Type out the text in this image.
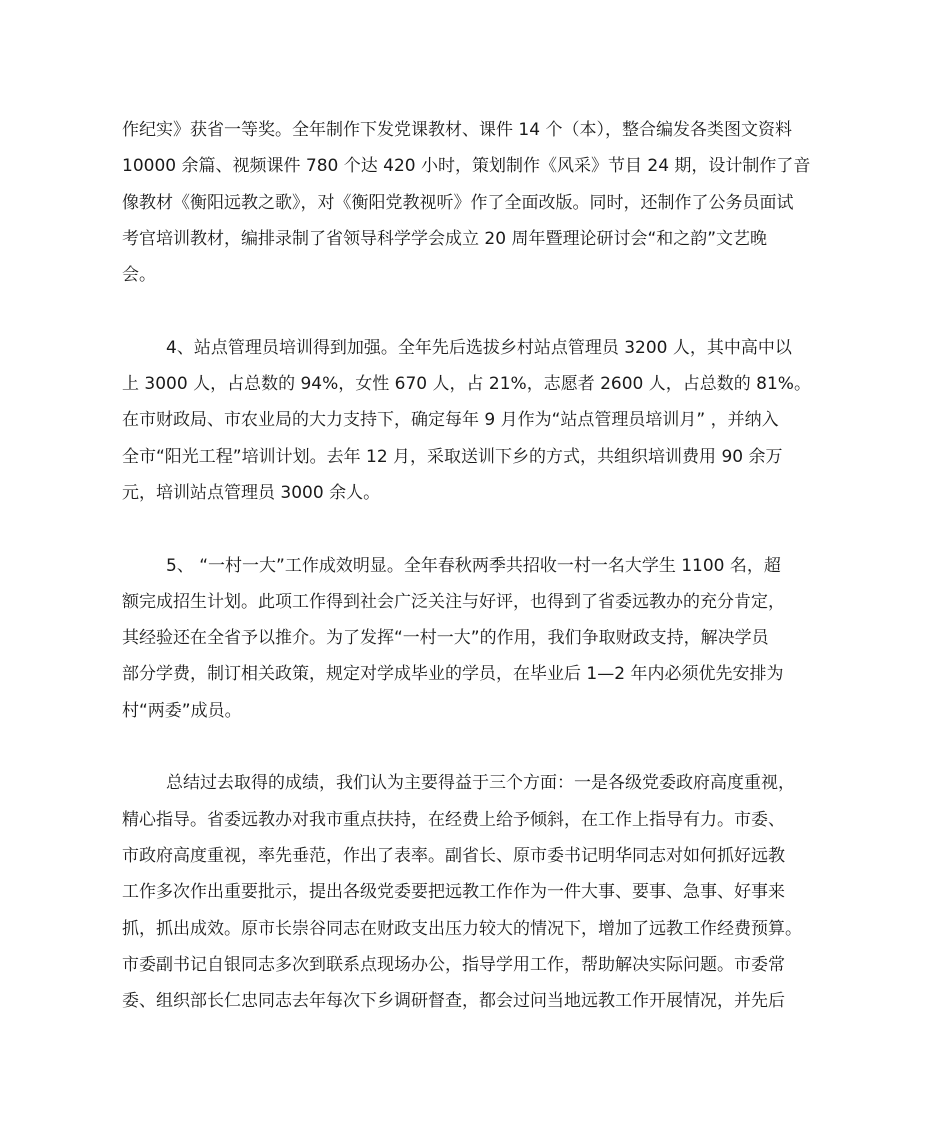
作纪实》获省一等奖。全年制作下发党课教材、课件 14 个（本），整合编发各类图文资料
10000 余篇、视频课件 780 个达 420 小时，策划制作《风采》节目 24 期，设计制作了音
像教材《衡阳远教之歌》，对《衡阳党教视听》作了全面改版。同时，还制作了公务员面试
考官培训教材，编排录制了省领导科学学会成立 20 周年暨理论研讨会“和之韵”文艺晚
会。
4、站点管理员培训得到加强。全年先后选拔乡村站点管理员 3200 人，其中高中以
上 3000 人，占总数的 94%，女性 670 人，占 21%，志愿者 2600 人，占总数的 81%。
在市财政局、市农业局的大力支持下，确定每年 9 月作为“站点管理员培训月” ，并纳入
全市“阳光工程”培训计划。去年 12 月，采取送训下乡的方式，共组织培训费用 90 余万
元，培训站点管理员 3000 余人。
5、 “一村一大”工作成效明显。全年春秋两季共招收一村一名大学生 1100 名，超
额完成招生计划。此项工作得到社会广泛关注与好评，也得到了省委远教办的充分肯定，
其经验还在全省予以推介。为了发挥“一村一大”的作用，我们争取财政支持，解决学员
部分学费，制订相关政策，规定对学成毕业的学员，在毕业后 1—2 年内必须优先安排为
村“两委”成员。
总结过去取得的成绩，我们认为主要得益于三个方面：一是各级党委政府高度重视，
精心指导。省委远教办对我市重点扶持，在经费上给予倾斜，在工作上指导有力。市委、
市政府高度重视，率先垂范，作出了表率。副省长、原市委书记明华同志对如何抓好远教
工作多次作出重要批示，提出各级党委要把远教工作作为一件大事、要事、急事、好事来
抓，抓出成效。原市长崇谷同志在财政支出压力较大的情况下，增加了远教工作经费预算。
市委副书记自银同志多次到联系点现场办公，指导学用工作，帮助解决实际问题。市委常
委、组织部长仁忠同志去年每次下乡调研督查，都会过问当地远教工作开展情况，并先后
